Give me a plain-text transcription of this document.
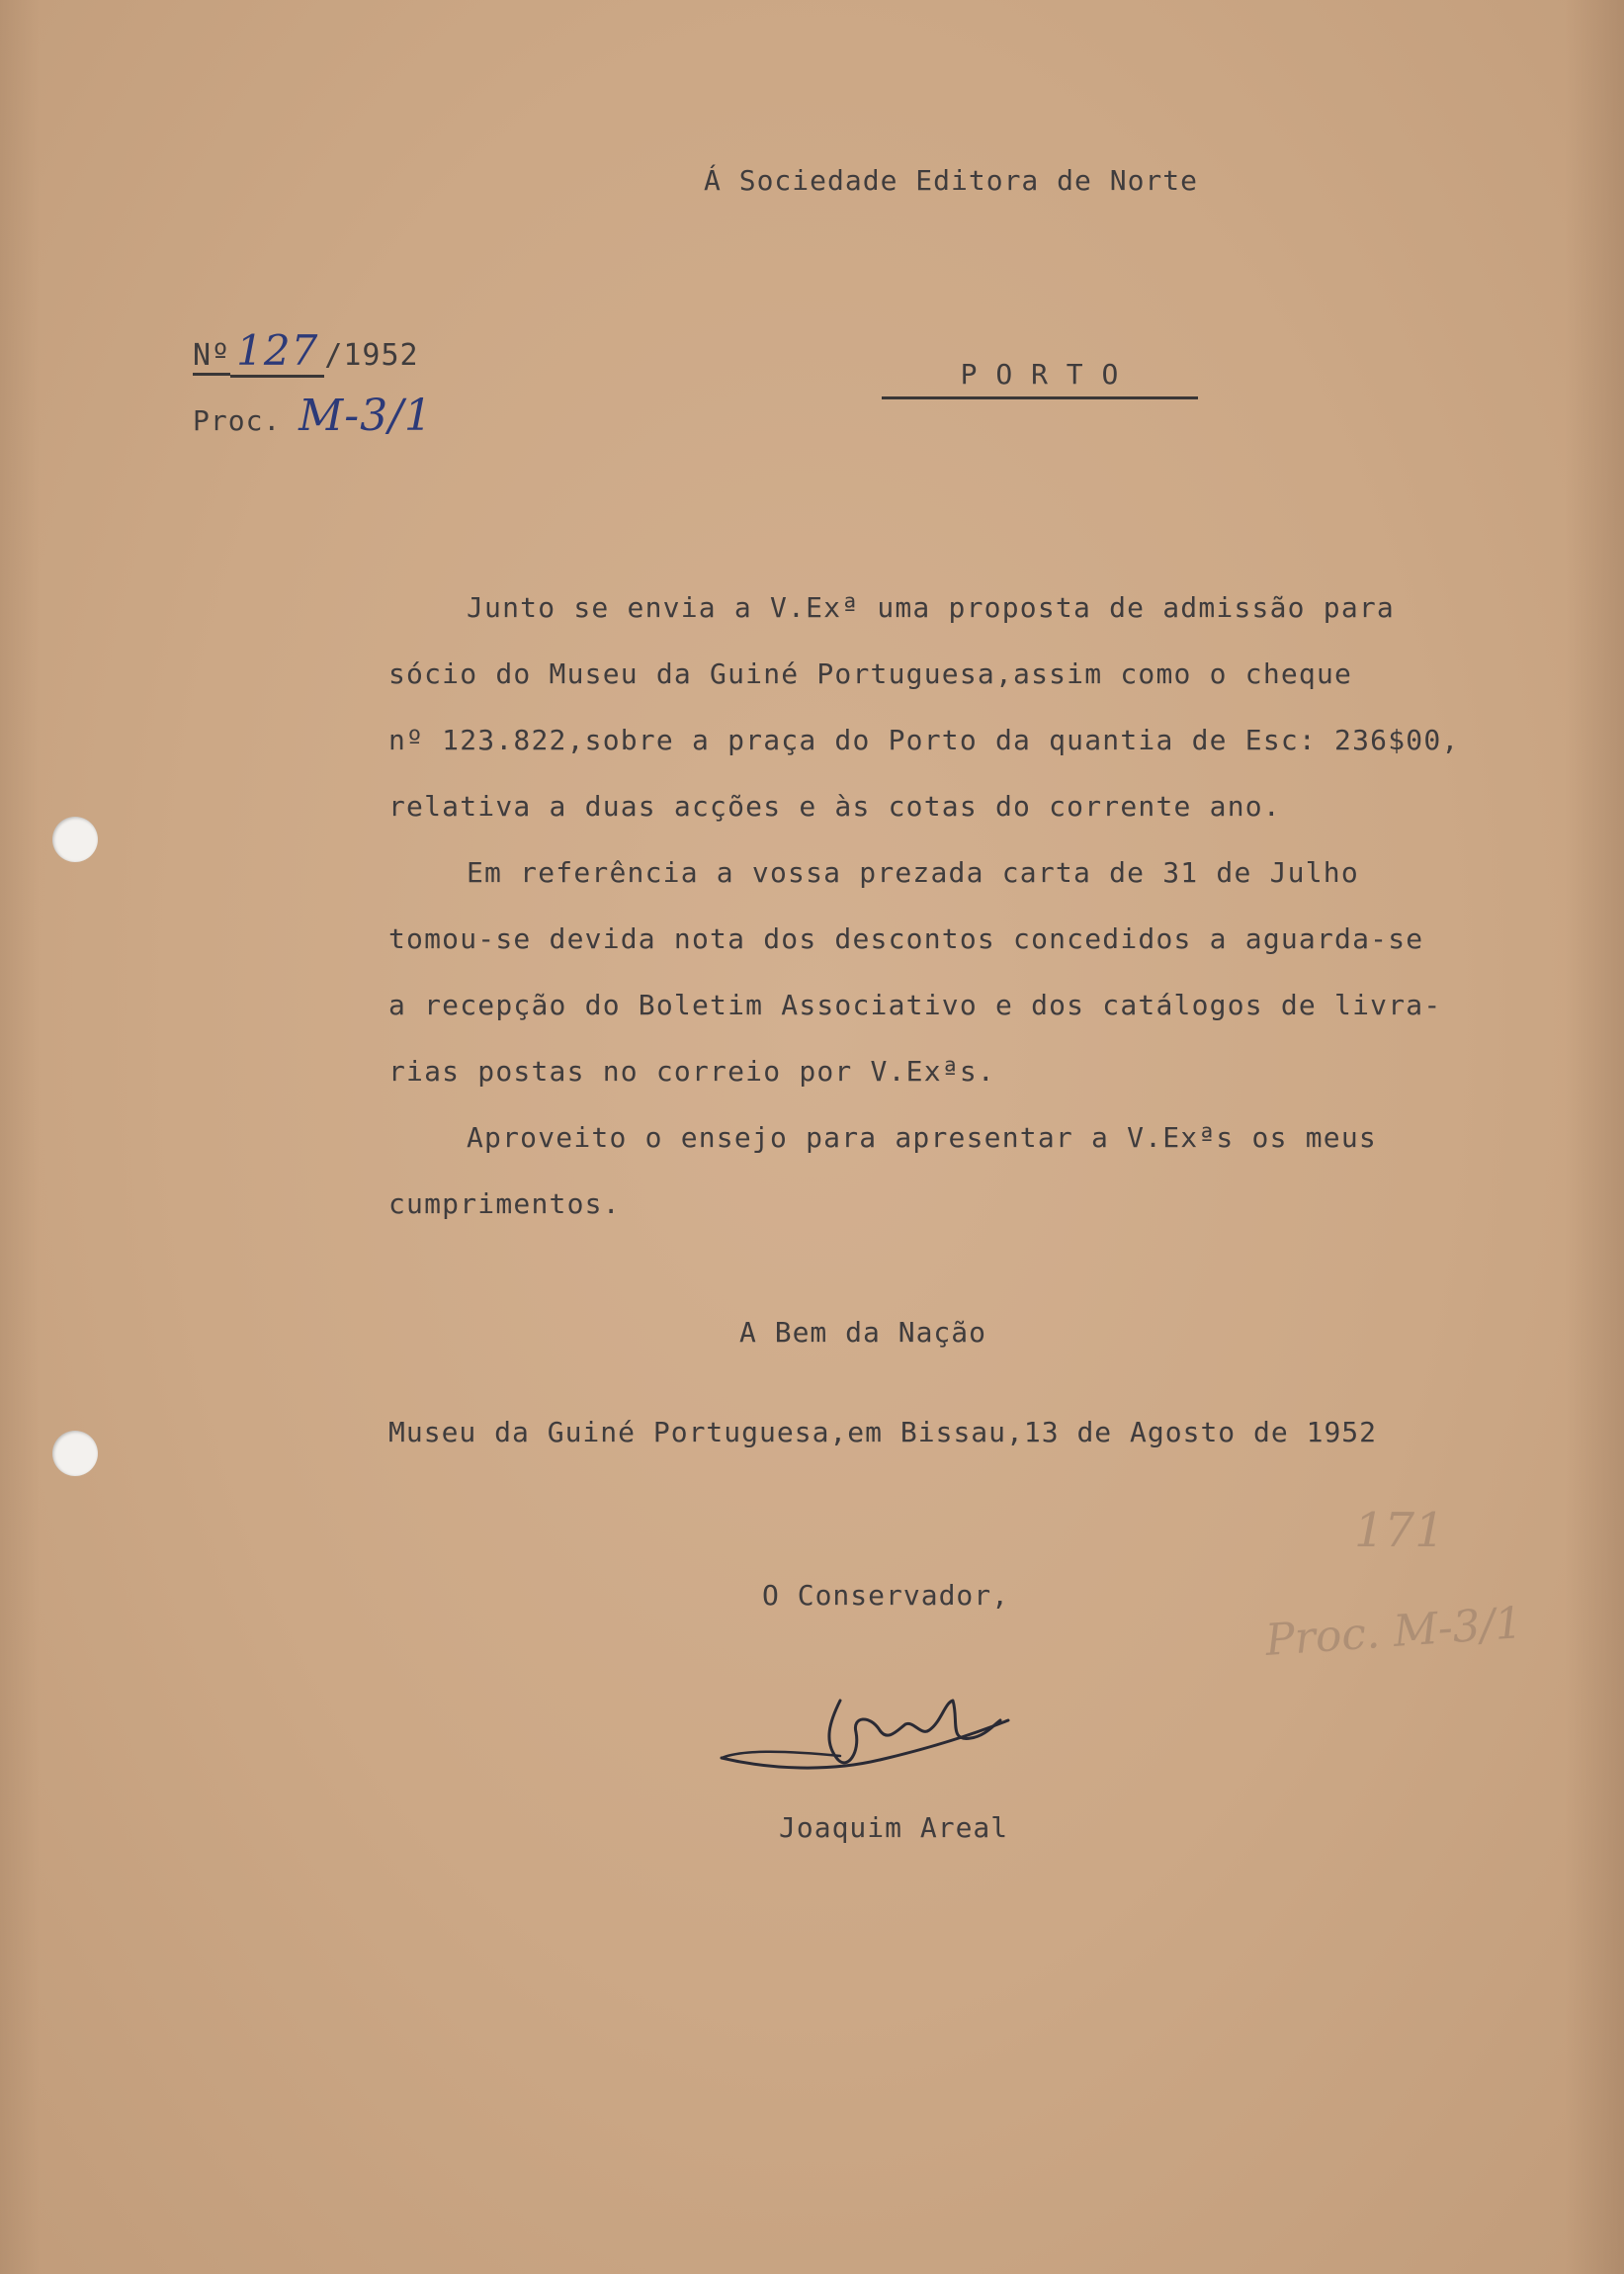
Á Sociedade Editora de Norte
Nº 127 /1952
Proc. M-3/1
P O R T O
Junto se envia a V.Exª uma proposta de admissão para
sócio do Museu da Guiné Portuguesa,assim como o cheque
nº 123.822,sobre a praça do Porto da quantia de Esc: 236$00,
relativa a duas acções e às cotas do corrente ano.
Em referência a vossa prezada carta de 31 de Julho
tomou-se devida nota dos descontos concedidos a aguarda-se
a recepção do Boletim Associativo e dos catálogos de livra-
rias postas no correio por V.Exªs.
Aproveito o ensejo para apresentar a V.Exªs os meus
cumprimentos.
A Bem da Nação
Museu da Guiné Portuguesa,em Bissau,13 de Agosto de 1952
171
Proc. M-3/1
O Conservador,
Joaquim Areal
